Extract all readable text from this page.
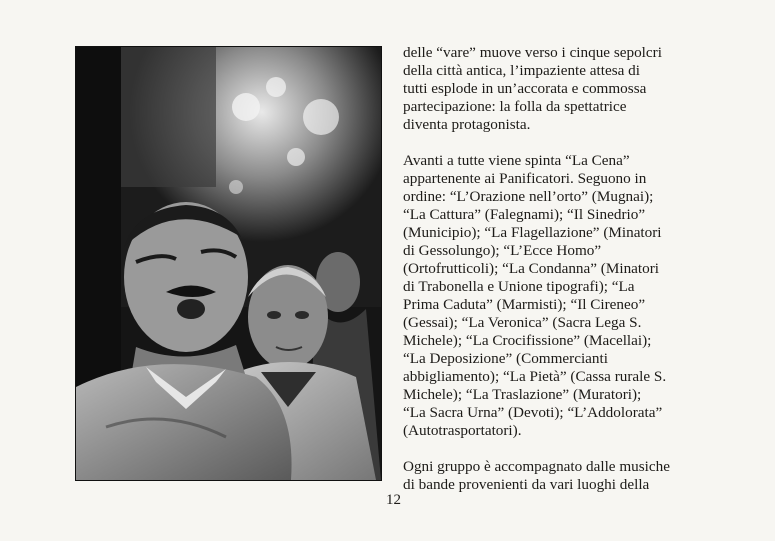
delle “vare” muove verso i cinque sepolcri
della città antica, l’impaziente attesa di
tutti esplode in un’accorata e commossa
partecipazione: la folla da spettatrice
diventa protagonista.

Avanti a tutte viene spinta “La Cena”
appartenente ai Panificatori. Seguono in
ordine: “L’Orazione nell’orto” (Mugnai);
“La Cattura” (Falegnami); “Il Sinedrio”
(Municipio); “La Flagellazione” (Minatori
di Gessolungo); “L’Ecce Homo”
(Ortofrutticoli); “La Condanna” (Minatori
di Trabonella e Unione tipografi); “La
Prima Caduta” (Marmisti); “Il Cireneo”
(Gessai); “La Veronica” (Sacra Lega S.
Michele); “La Crocifissione” (Macellai);
“La Deposizione” (Commercianti
abbigliamento); “La Pietà” (Cassa rurale S.
Michele); “La Traslazione” (Muratori);
“La Sacra Urna” (Devoti); “L’Addolorata”
(Autotrasportatori).

Ogni gruppo è accompagnato dalle musiche
di bande provenienti da vari luoghi della

12
